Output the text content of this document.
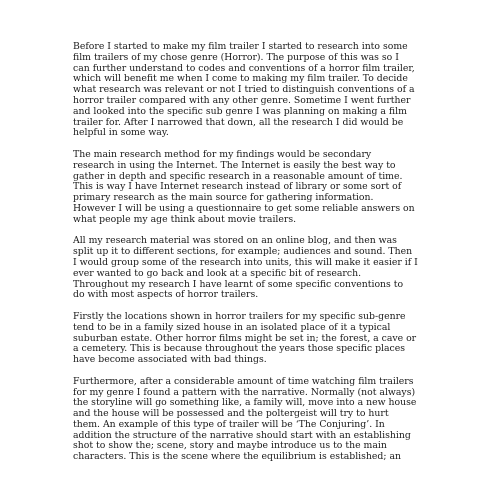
Before I started to make my film trailer I started to research into some
film trailers of my chose genre (Horror). The purpose of this was so I
can further understand to codes and conventions of a horror film trailer,
which will benefit me when I come to making my film trailer. To decide
what research was relevant or not I tried to distinguish conventions of a
horror trailer compared with any other genre. Sometime I went further
and looked into the specific sub genre I was planning on making a film
trailer for. After I narrowed that down, all the research I did would be
helpful in some way.
The main research method for my findings would be secondary
research in using the Internet. The Internet is easily the best way to
gather in depth and specific research in a reasonable amount of time.
This is way I have Internet research instead of library or some sort of
primary research as the main source for gathering information.
However I will be using a questionnaire to get some reliable answers on
what people my age think about movie trailers.
All my research material was stored on an online blog, and then was
split up it to different sections, for example; audiences and sound. Then
I would group some of the research into units, this will make it easier if I
ever wanted to go back and look at a specific bit of research.
Throughout my research I have learnt of some specific conventions to
do with most aspects of horror trailers.
Firstly the locations shown in horror trailers for my specific sub-genre
tend to be in a family sized house in an isolated place of it a typical
suburban estate. Other horror films might be set in; the forest, a cave or
a cemetery. This is because throughout the years those specific places
have become associated with bad things.
Furthermore, after a considerable amount of time watching film trailers
for my genre I found a pattern with the narrative. Normally (not always)
the storyline will go something like, a family will, move into a new house
and the house will be possessed and the poltergeist will try to hurt
them. An example of this type of trailer will be ‘The Conjuring’. In
addition the structure of the narrative should start with an establishing
shot to show the; scene, story and maybe introduce us to the main
characters. This is the scene where the equilibrium is established; an
